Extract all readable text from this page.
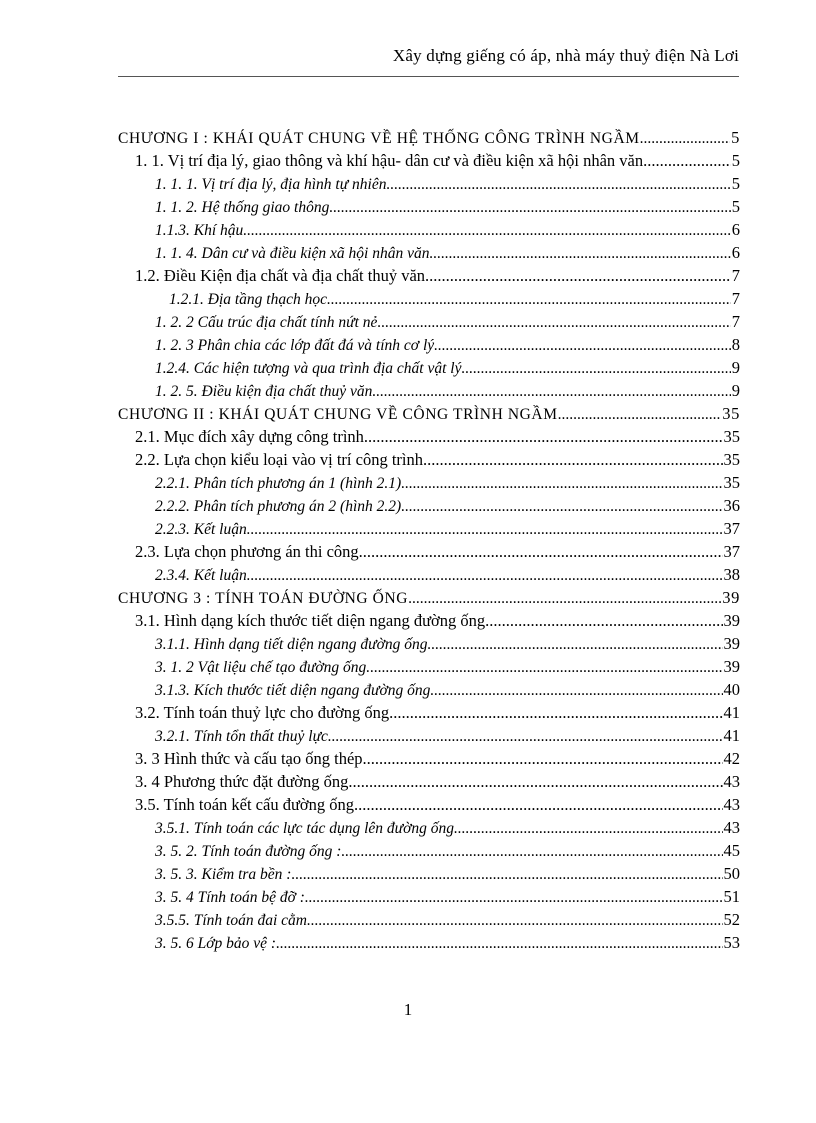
Xây dựng giếng có áp, nhà máy thuỷ điện Nà Lơi
CHƯƠNG I : KHÁI QUÁT CHUNG VỀ HỆ THỐNG CÔNG TRÌNH NGẦM .....	5
1. 1. Vị trí địa lý, giao thông và khí hậu- dân cư và điều kiện xã hội nhân văn .....	5
1. 1. 1. Vị trí địa lý, địa hình tự nhiên .....	5
1. 1. 2. Hệ thống giao thông .....	5
1.1.3. Khí hậu .....	6
1. 1. 4. Dân cư và điều kiện xã hội nhân văn .....	6
1.2. Điều Kiện địa chất và địa chất thuỷ văn .....	7
1.2.1. Địa tầng thạch học .....	7
1. 2. 2 Cấu trúc địa chất tính nứt nẻ .....	7
1. 2. 3 Phân chia các lớp đất đá và tính cơ lý. .....	8
1.2.4. Các hiện tượng và qua trình địa chất vật lý .....	9
1. 2. 5. Điều kiện địa chất thuỷ văn .....	9
CHƯƠNG II : KHÁI QUÁT CHUNG VỀ CÔNG TRÌNH NGẦM .....	35
2.1. Mục đích xây dựng công trình .....	35
2.2. Lựa chọn kiểu loại vào vị trí công trình. .....	35
2.2.1. Phân tích phương án 1 (hình 2.1) .....	35
2.2.2. Phân tích phương án 2 (hình 2.2) .....	36
2.2.3. Kết luận .....	37
2.3. Lựa chọn phương án thi công .....	37
2.3.4. Kết luận .....	38
CHƯƠNG 3 : TÍNH TOÁN ĐƯỜNG ỐNG .....	39
3.1. Hình dạng kích thước tiết diện ngang đường ống. .....	39
3.1.1. Hình dạng tiết diện ngang đường ống. .....	39
3. 1. 2 Vật liệu chế tạo đường ống. .....	39
3.1.3. Kích thước tiết diện ngang đường ống .....	40
3.2. Tính toán thuỷ lực cho đường ống. .....	41
3.2.1. Tính tổn thất thuỷ lực .....	41
3. 3 Hình thức và cấu tạo ống thép .....	42
3. 4 Phương thức đặt đường ống. .....	43
3.5. Tính toán kết cấu đường ống. .....	43
3.5.1. Tính toán các lực tác dụng lên đường ống .....	43
3. 5. 2. Tính toán đường ống : .....	45
3. 5. 3. Kiểm tra bền : .....	50
3. 5. 4 Tính toán bệ đỡ : .....	51
3.5.5. Tính toán đai cằm. .....	52
3. 5. 6 Lớp bảo vệ : .....	53
1
